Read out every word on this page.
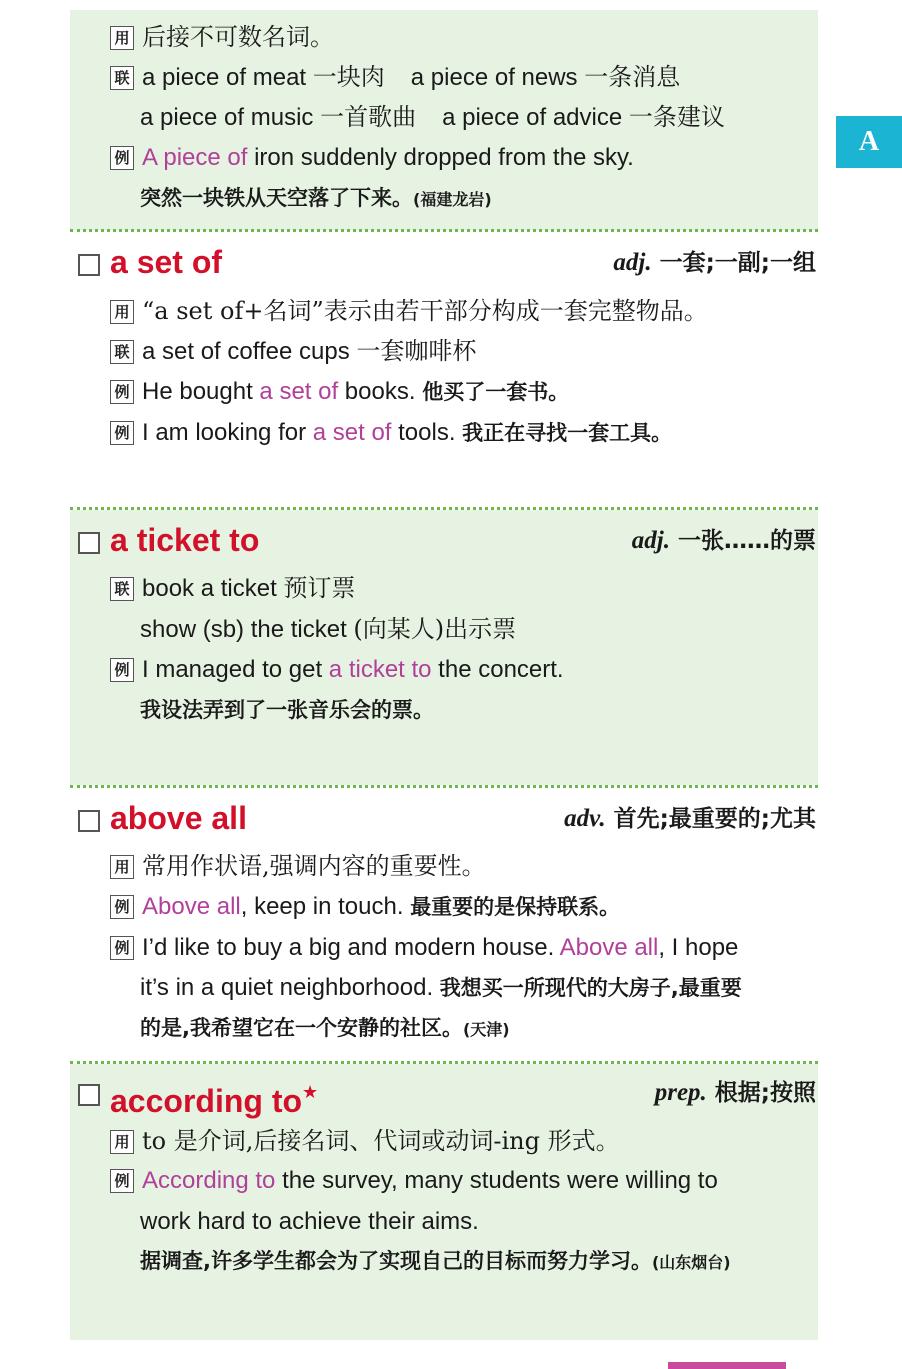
A
用 后接不可数名词。
联 a piece of meat 一块肉 a piece of news 一条消息
a piece of music 一首歌曲 a piece of advice 一条建议
例 A piece of iron suddenly dropped from the sky.
突然一块铁从天空落了下来。(福建龙岩)
a set of	adj. 一套;一副;一组
用 “a set of+名词”表示由若干部分构成一套完整物品。
联 a set of coffee cups 一套咖啡杯
例 He bought a set of books. 他买了一套书。
例 I am looking for a set of tools. 我正在寻找一套工具。
a ticket to	adj. 一张……的票
联 book a ticket 预订票
show (sb) the ticket (向某人)出示票
例 I managed to get a ticket to the concert.
我设法弄到了一张音乐会的票。
above all	adv. 首先;最重要的;尤其
用 常用作状语,强调内容的重要性。
例 Above all, keep in touch. 最重要的是保持联系。
例 I’d like to buy a big and modern house. Above all, I hope
it’s in a quiet neighborhood. 我想买一所现代的大房子,最重要
的是,我希望它在一个安静的社区。(天津)
according to★	prep. 根据;按照
用 to 是介词,后接名词、代词或动词-ing 形式。
例 According to the survey, many students were willing to
work hard to achieve their aims.
据调查,许多学生都会为了实现自己的目标而努力学习。(山东烟台)
